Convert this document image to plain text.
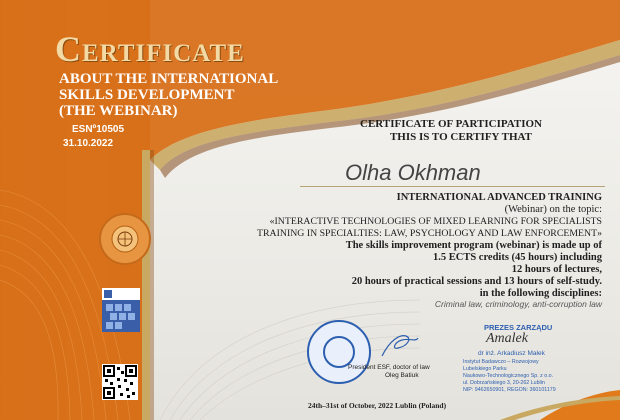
Certificate
ABOUT THE INTERNATIONAL
SKILLS DEVELOPMENT
(THE WEBINAR)
ESNº10505
31.10.2022
CERTIFICATE OF PARTICIPATION
THIS IS TO CERTIFY THAT
Olha Okhman
INTERNATIONAL ADVANCED TRAINING
(Webinar) on the topic:
«INTERACTIVE TECHNOLOGIES OF MIXED LEARNING FOR SPECIALISTS
TRAINING IN SPECIALTIES: LAW, PSYCHOLOGY AND LAW ENFORCEMENT»
The skills improvement program (webinar) is made up of
1.5 ECTS credits (45 hours) including
12 hours of lectures,
20 hours of practical sessions and 13 hours of self-study.
in the following disciplines:
Criminal law, criminology, anti-corruption law
President ESF, doctor of law
Oleg Batiuk
PREZES ZARZĄDU
Amalek
dr inż. Arkadiusz Małek
Instytut Badawczo – Rozwojowy
Lubelskiego Parku
Naukowo-Technologicznego Sp. z o.o.
ul. Dobrzańskiego 3, 20-262 Lublin
NIP: 9462650901, REGON: 360101179
24th–31st of October, 2022 Lublin (Poland)
